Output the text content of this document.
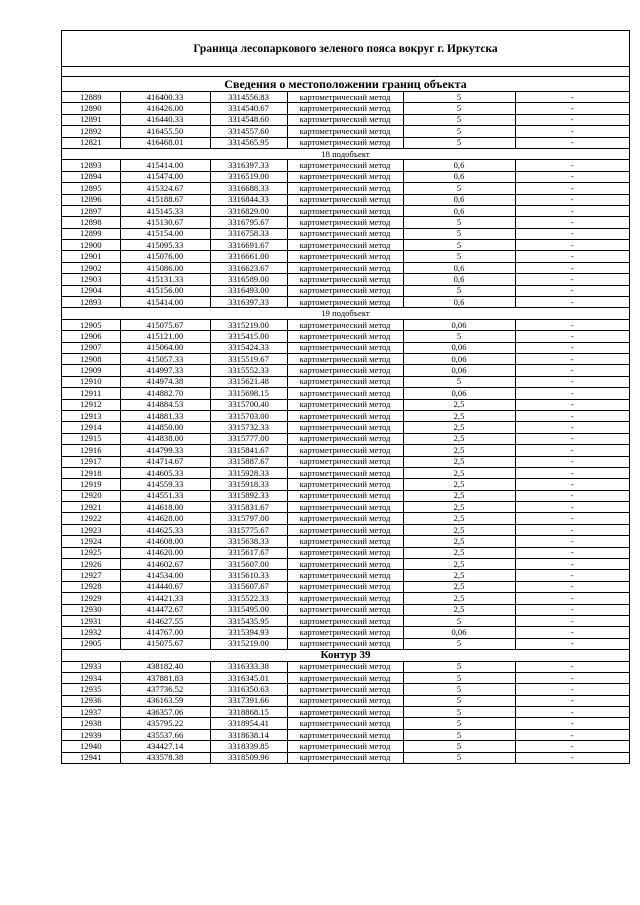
Граница лесопаркового зеленого пояса вокруг г. Иркутска
Сведения о местоположении границ объекта
12889	416400.33	3314556.83	картометрический метод	5	-
12890	416426.00	3314540.67	картометрический метод	5	-
12891	416440.33	3314548.60	картометрический метод	5	-
12892	416455.50	3314557.60	картометрический метод	5	-
12821	416468.01	3314565.95	картометрический метод	5	-
18 подобъект					
12893	415414.00	3316397.33	картометрический метод	0,6	-
12894	415474.00	3316519.00	картометрический метод	0,6	-
12895	415324.67	3316688.33	картометрический метод	5	-
12896	415188.67	3316844.33	картометрический метод	0,6	-
12897	415145.33	3316829.00	картометрический метод	0,6	-
12898	415130.67	3316795.67	картометрический метод	5	-
12899	415154.00	3316758.33	картометрический метод	5	-
12900	415095.33	3316691.67	картометрический метод	5	-
12901	415076.00	3316661.00	картометрический метод	5	-
12902	415086.00	3316623.67	картометрический метод	0,6	-
12903	415131.33	3316589.00	картометрический метод	0,6	-
12904	415156.00	3316493.00	картометрический метод	5	-
12893	415414.00	3316397.33	картометрический метод	0,6	-
19 подобъект					
12905	415075.67	3315219.00	картометрический метод	0,06	-
12906	415121.00	3315415.00	картометрический метод	5	-
12907	415064.00	3315424.33	картометрический метод	0,06	-
12908	415057.33	3315519.67	картометрический метод	0,06	-
12909	414997.33	3315552.33	картометрический метод	0,06	-
12910	414974.38	3315621.48	картометрический метод	5	-
12911	414882.70	3315698.15	картометрический метод	0,06	-
12912	414884.53	3315700.40	картометрический метод	2,5	-
12913	414881.33	3315703.00	картометрический метод	2,5	-
12914	414850.00	3315732.33	картометрический метод	2,5	-
12915	414838.00	3315777.00	картометрический метод	2,5	-
12916	414799.33	3315841.67	картометрический метод	2,5	-
12917	414714.67	3315887.67	картометрический метод	2,5	-
12918	414605.33	3315928.33	картометрический метод	2,5	-
12919	414559.33	3315918.33	картометрический метод	2,5	-
12920	414551.33	3315892.33	картометрический метод	2,5	-
12921	414618.00	3315831.67	картометрический метод	2,5	-
12922	414628.00	3315797.00	картометрический метод	2,5	-
12923	414625.33	3315775.67	картометрический метод	2,5	-
12924	414608.00	3315638.33	картометрический метод	2,5	-
12925	414620.00	3315617.67	картометрический метод	2,5	-
12926	414602.67	3315607.00	картометрический метод	2,5	-
12927	414534.00	3315610.33	картометрический метод	2,5	-
12928	414440.67	3315607.67	картометрический метод	2,5	-
12929	414421.33	3315522.33	картометрический метод	2,5	-
12930	414472.67	3315495.00	картометрический метод	2,5	-
12931	414627.55	3315435.95	картометрический метод	5	-
12932	414767.00	3315394.93	картометрический метод	0,06	-
12905	415075.67	3315219.00	картометрический метод	5	-
Контур 39					
12933	438182.40	3316333.38	картометрический метод	5	-
12934	437881.83	3316345.01	картометрический метод	5	-
12935	437736.52	3316350.63	картометрический метод	5	-
12936	436163.59	3317391.66	картометрический метод	5	-
12937	436357.06	3318868.15	картометрический метод	5	-
12938	435795.22	3318954.41	картометрический метод	5	-
12939	435537.66	3318638.14	картометрический метод	5	-
12940	434427.14	3318339.85	картометрический метод	5	-
12941	433578.38	3318509.96	картометрический метод	5	-
